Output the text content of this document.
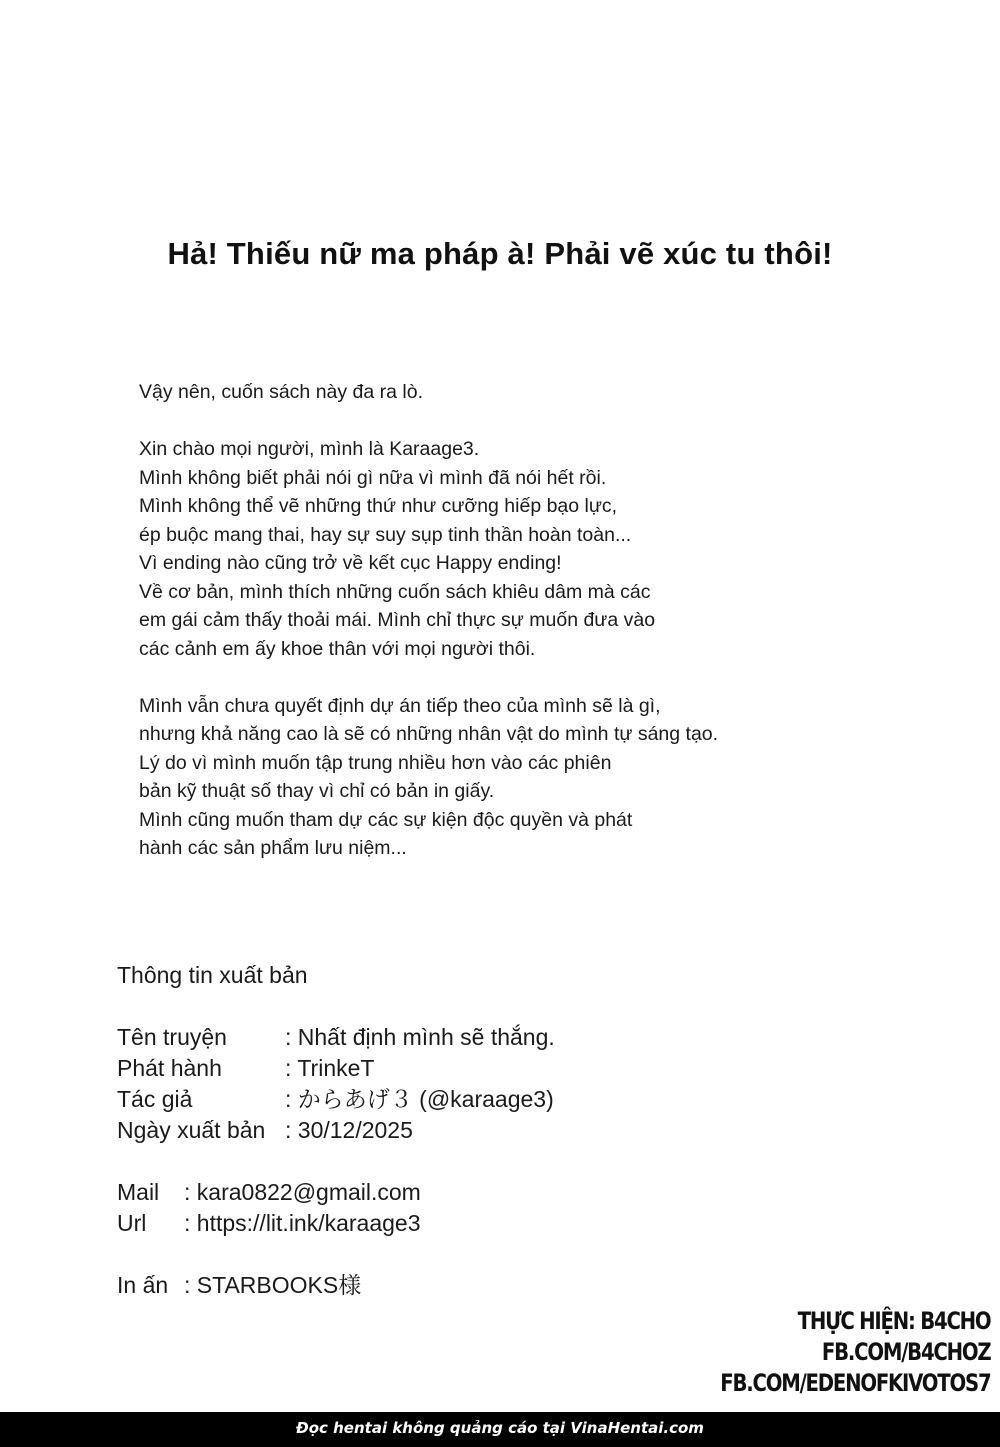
Hả! Thiếu nữ ma pháp à! Phải vẽ xúc tu thôi!

Vậy nên, cuốn sách này đa ra lò.

Xin chào mọi người, mình là Karaage3.
Mình không biết phải nói gì nữa vì mình đã nói hết rồi.
Mình không thể vẽ những thứ như cưỡng hiếp bạo lực,
ép buộc mang thai, hay sự suy sụp tinh thần hoàn toàn...
Vì ending nào cũng trở về kết cục Happy ending!
Về cơ bản, mình thích những cuốn sách khiêu dâm mà các
em gái cảm thấy thoải mái. Mình chỉ thực sự muốn đưa vào
các cảnh em ấy khoe thân với mọi người thôi.

Mình vẫn chưa quyết định dự án tiếp theo của mình sẽ là gì,
nhưng khả năng cao là sẽ có những nhân vật do mình tự sáng tạo.
Lý do vì mình muốn tập trung nhiều hơn vào các phiên
bản kỹ thuật số thay vì chỉ có bản in giấy.
Mình cũng muốn tham dự các sự kiện độc quyền và phát
hành các sản phẩm lưu niệm...

Thông tin xuất bản
Tên truyện	: Nhất định mình sẽ thắng.
Phát hành	: TrinkeT
Tác giả	: からあげ３ (@karaage3)
Ngày xuất bản : 30/12/2025
Mail : kara0822@gmail.com
Url : https://lit.ink/karaage3
In ấn : STARBOOKS様
THỰC HIỆN: B4CHO
FB.COM/B4CHOZ
FB.COM/EDENOFKIVOTOS7
Đọc hentai không quảng cáo tại VinaHentai.com
